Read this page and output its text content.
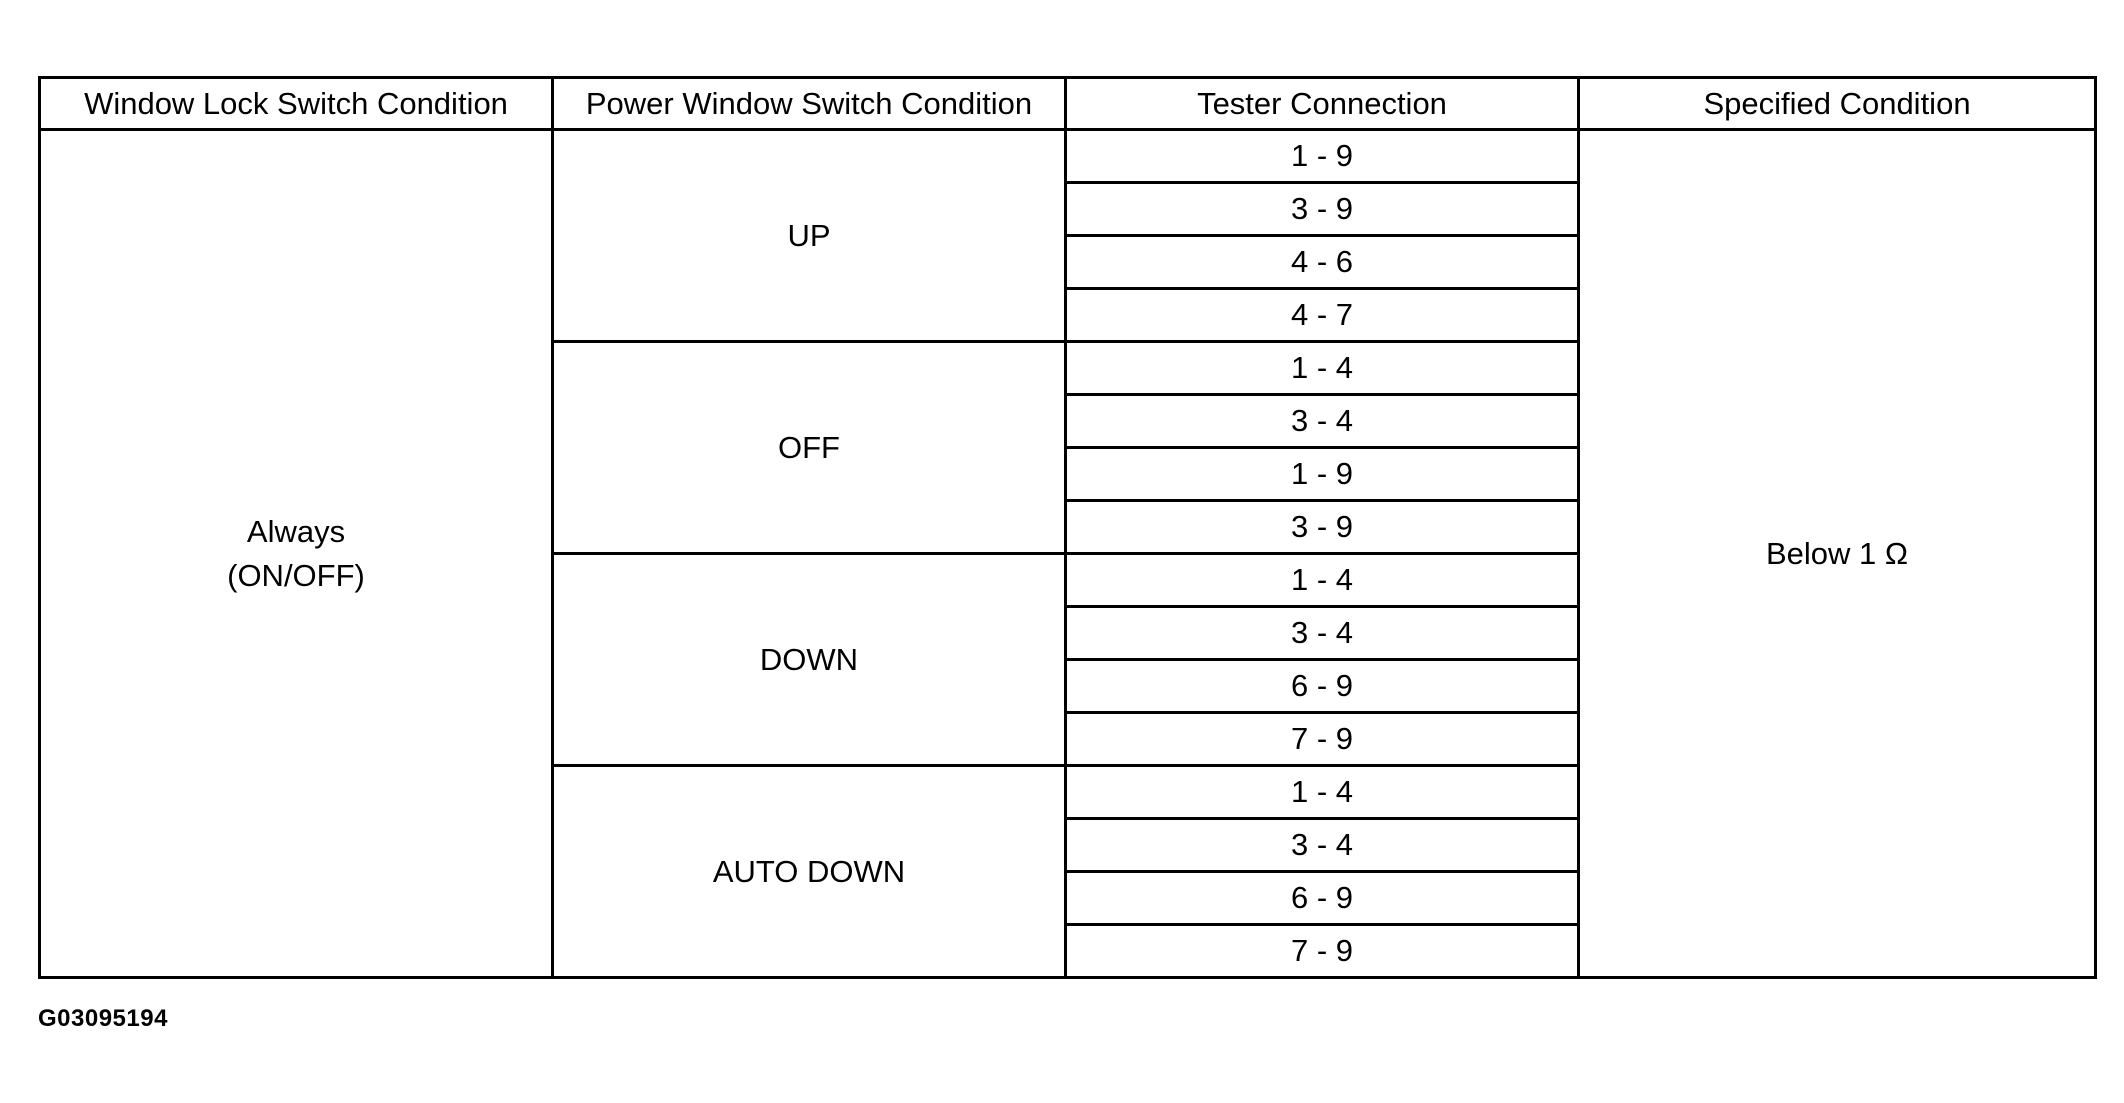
Window Lock Switch Condition	Power Window Switch Condition	Tester Connection	Specified Condition
Always
(ON/OFF)	UP	1 - 9	Below 1 Ω
		3 - 9	
		4 - 6	
		4 - 7	
	OFF	1 - 4	
		3 - 4	
		1 - 9	
		3 - 9	
	DOWN	1 - 4	
		3 - 4	
		6 - 9	
		7 - 9	
	AUTO DOWN	1 - 4	
		3 - 4	
		6 - 9	
		7 - 9	
G03095194
